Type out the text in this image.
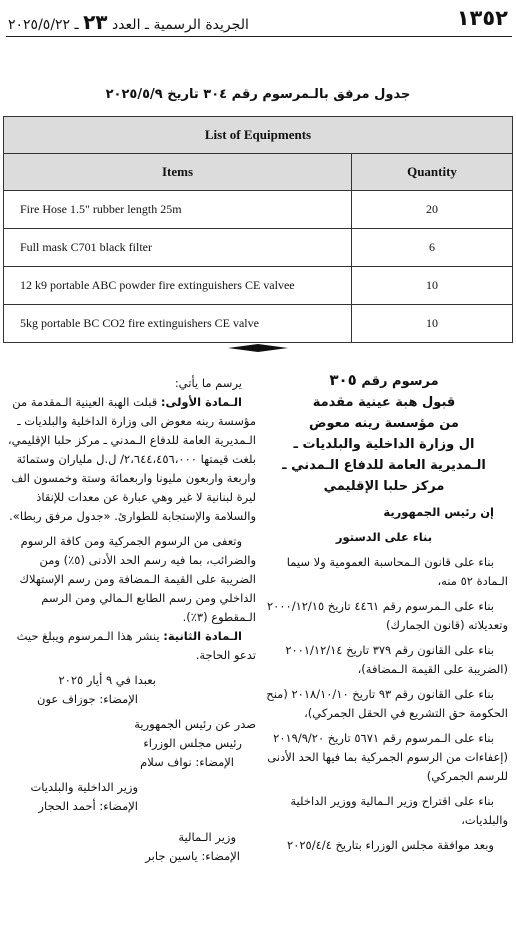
الجريدة الرسمية ـ العدد ٢٣ ـ ٢٠٢٥/٥/٢٢	١٣٥٢
جدول مرفق بالـمرسوم رقم ٣٠٤ تاريخ ٢٠٢٥/٥/٩
List of Equipments	
Items	Quantity
Fire Hose 1.5" rubber length 25m	20
Full mask C701 black filter	6
12 k9 portable ABC powder fire extinguishers CE valvee	10
5kg portable BC CO2 fire extinguishers CE valve	10
مرسوم رقم ٣٠٥
قبول هبة عينية مقدمة
من مؤسسة رينه معوض
ال وزارة الداخلية والبلديات ـ
الـمديرية العامة للدفاع الـمدني ـ
مركز حلبا الإقليمي

إن رئيس الجمهورية

بناء على الدستور

بناء على قانون الـمحاسبة العمومية ولا سيما الـمادة ٥٢ منه،

بناء على الـمرسوم رقم ٤٤٦١ تاريخ ٢٠٠٠/١٢/١٥ وتعديلاته (قانون الجمارك)

بناء على القانون رقم ٣٧٩ تاريخ ٢٠٠١/١٢/١٤ (الضريبة على القيمة الـمضافة)،

بناء على القانون رقم ٩٣ تاريخ ٢٠١٨/١٠/١٠ (منح الحكومة حق التشريع في الحقل الجمركي)،

بناء على الـمرسوم رقم ٥٦٧١ تاريخ ٢٠١٩/٩/٢٠ (إعفاءات من الرسوم الجمركية بما فيها الحد الأدنى للرسم الجمركي)

بناء على اقتراح وزير الـمالية ووزير الداخلية والبلديات،

وبعد موافقة مجلس الوزراء بتاريخ ٢٠٢٥/٤/٤

يرسم ما يأتي:

الـمادة الأولى: قبلت الهبة العينية الـمقدمة من مؤسسة رينه معوض الى وزارة الداخلية والبلديات ـ الـمديرية العامة للدفاع الـمدني ـ مركز حلبا الإقليمي، بلغت قيمتها ٢،٦٤٤،٤٥٦،٠٠٠/ ل.ل ملياران وستمائة واربعة واربعون مليونا واربعمائة وستة وخمسون الف ليرة لبنانية لا غير وهي عبارة عن معدات للإنقاذ والسلامة والإستجابة للطوارئ. «جدول مرفق ربطا».

وتعفى من الرسوم الجمركية ومن كافة الرسوم والضرائب، بما فيه رسم الحد الأدنى (٥٪) ومن الضريبة على القيمة الـمضافة ومن رسم الإستهلاك الداخلي ومن رسم الطابع الـمالي ومن الرسم الـمقطوع (٣٪).

الـمادة الثانية: ينشر هذا الـمرسوم ويبلغ حيث تدعو الحاجة.

بعبدا في ٩ أيار ٢٠٢٥

الإمضاء: جوزاف عون

صدر عن رئيس الجمهورية

رئيس مجلس الوزراء

الإمضاء: نواف سلام

وزير الداخلية والبلديات

الإمضاء: أحمد الحجار

وزير الـمالية

الإمضاء: ياسين جابر
